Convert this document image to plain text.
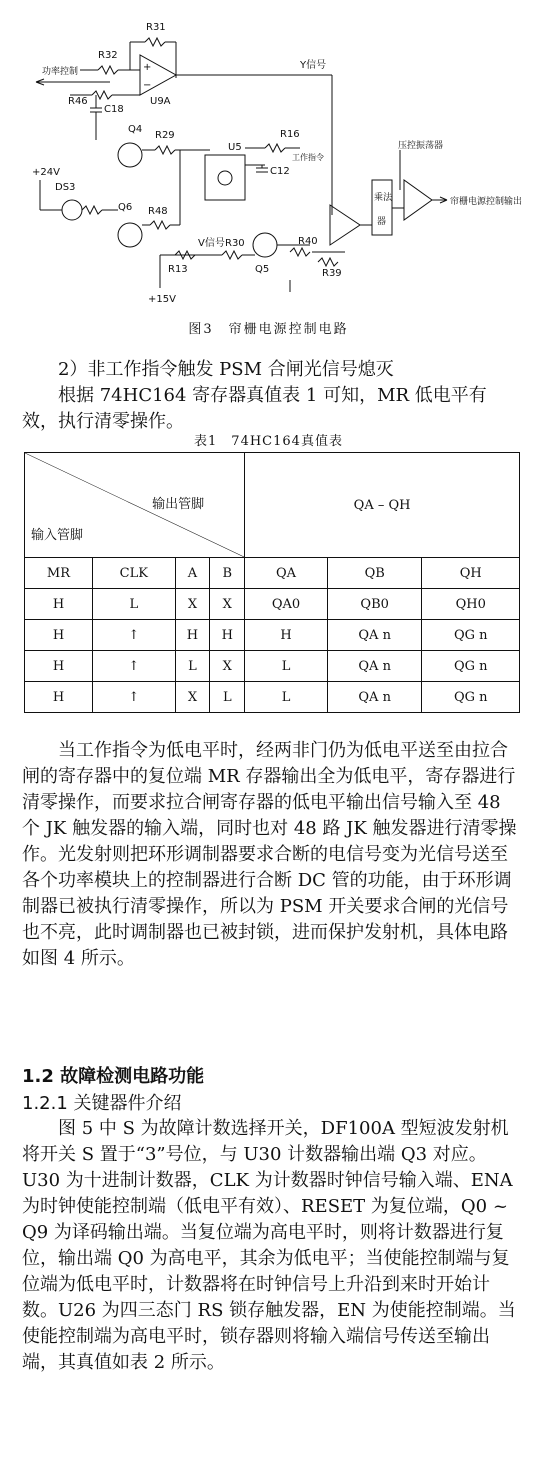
功率控制
R32
R31
+
−
U9A
Y信号
R46
C18
Q4
R29
+24V
DS3
Q6 R48
R13
+15V
V信号 R30
U5
C12
R16
工作指令
Q5
R40
R39
乘法
器
压控振荡器
帘栅电源控制输出
图3　帘栅电源控制电路

2）非工作指令触发 PSM 合闸光信号熄灭

根据 74HC164 寄存器真值表 1 可知，MR 低电平有效，执行清零操作。

表1　74HC164真值表
输出管脚
输入管脚				QA – QH		
MR	CLK	A	B	QA	QB	QH
H	L	X	X	QA0	QB0	QH0
H	↑	H	H	H	QA n	QG n
H	↑	L	X	L	QA n	QG n
H	↑	X	L	L	QA n	QG n

当工作指令为低电平时，经两非门仍为低电平送至由拉合闸的寄存器中的复位端 MR 存器输出全为低电平，寄存器进行清零操作，而要求拉合闸寄存器的低电平输出信号输入至 48 个 JK 触发器的输入端，同时也对 48 路 JK 触发器进行清零操作。光发射则把环形调制器要求合断的电信号变为光信号送至各个功率模块上的控制器进行合断 DC 管的功能，由于环形调制器已被执行清零操作，所以为 PSM 开关要求合闸的光信号也不亮，此时调制器也已被封锁，进而保护发射机，具体电路如图 4 所示。

1.2 故障检测电路功能

1.2.1 关键器件介绍

图 5 中 S 为故障计数选择开关，DF100A 型短波发射机将开关 S 置于“3”号位，与 U30 计数器输出端 Q3 对应。U30 为十进制计数器，CLK 为计数器时钟信号输入端、ENA 为时钟使能控制端（低电平有效）、RESET 为复位端，Q0 ~ Q9 为译码输出端。当复位端为高电平时，则将计数器进行复位，输出端 Q0 为高电平，其余为低电平；当使能控制端与复位端为低电平时，计数器将在时钟信号上升沿到来时开始计数。U26 为四三态门 RS 锁存触发器，EN 为使能控制端。当使能控制端为高电平时，锁存器则将输入端信号传送至输出端，其真值如表 2 所示。
